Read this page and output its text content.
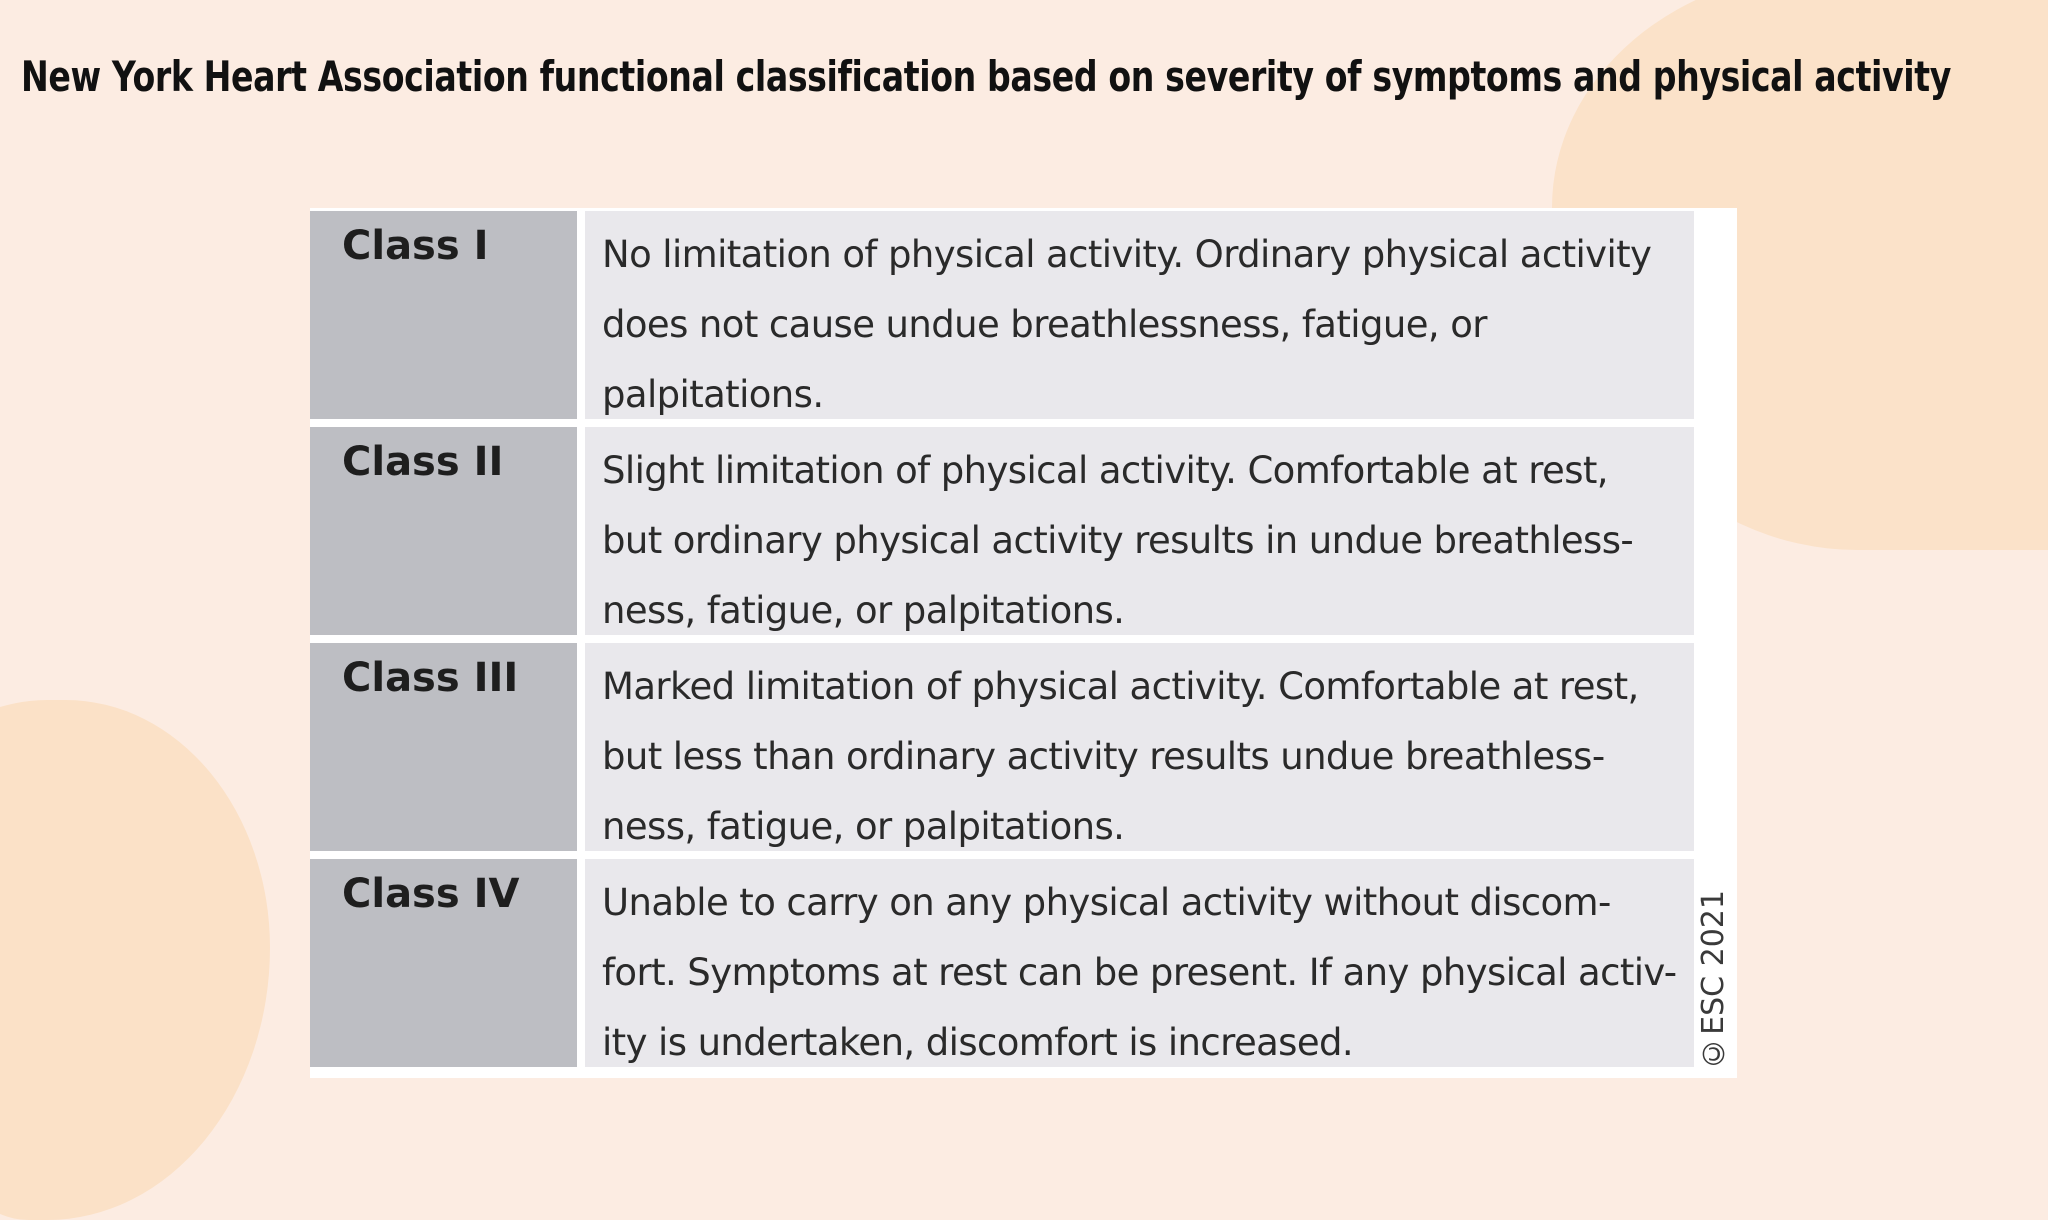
New York Heart Association functional classification based on severity of symptoms and physical activity
Class I	No limitation of physical activity. Ordinary physical activity
does not cause undue breathlessness, fatigue, or
palpitations.
Class II	Slight limitation of physical activity. Comfortable at rest,
but ordinary physical activity results in undue breathless-
ness, fatigue, or palpitations.
Class III	Marked limitation of physical activity. Comfortable at rest,
but less than ordinary activity results undue breathless-
ness, fatigue, or palpitations.
Class IV	Unable to carry on any physical activity without discom-
fort. Symptoms at rest can be present. If any physical activ-
ity is undertaken, discomfort is increased.	©ESC 2021
